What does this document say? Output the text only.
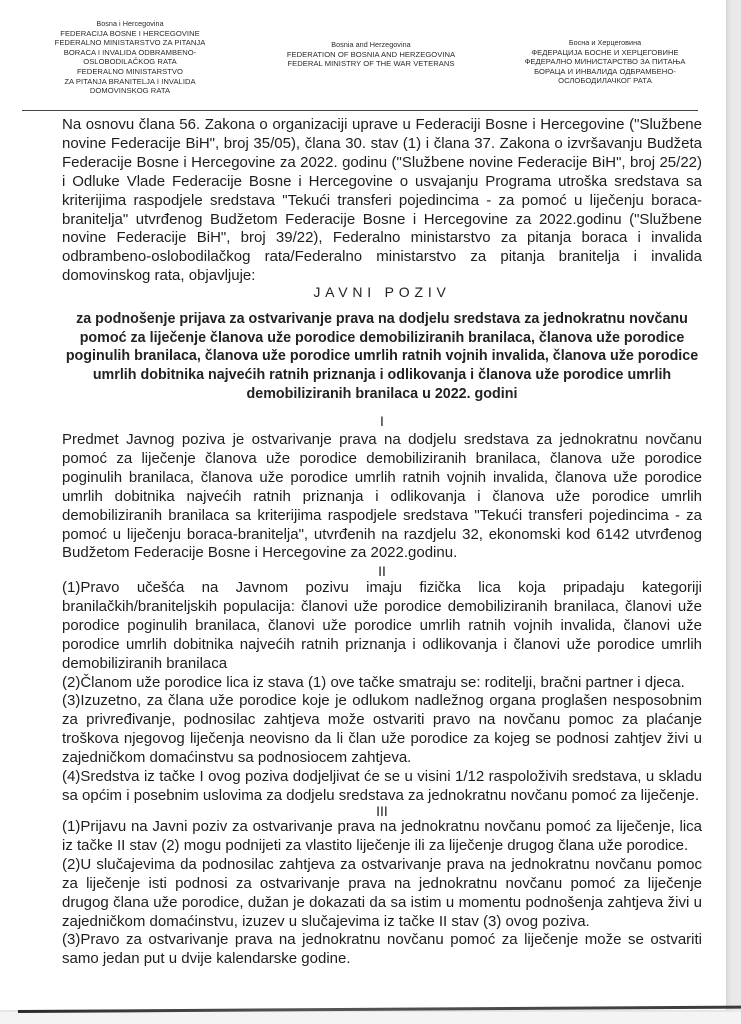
Bosna i Hercegovina
FEDERACIJA BOSNE I HERCEGOVINE
FEDERALNO MINISTARSTVO ZA PITANJA
BORACA I INVALIDA ODBRAMBENO-
OSLOBODILAČKOG RATA
FEDERALNO MINISTARSTVO
ZA PITANJA BRANITELJA I INVALIDA
DOMOVINSKOG RATA
Bosnia and Herzegovina
FEDERATION OF BOSNIA AND HERZEGOVINA
FEDERAL MINISTRY OF THE WAR VETERANS
Босна и Херцеговина
ФЕДЕРАЦИЈА БОСНЕ И ХЕРЦЕГОВИНЕ
ФЕДЕРАЛНО МИНИСТАРСТВО ЗА ПИТАЊА
БОРАЦА И ИНВАЛИДА ОДБРАМБЕНО-
ОСЛОБОДИЛАЧКОГ РАТА

Na osnovu člana 56. Zakona o organizaciji uprave u Federaciji Bosne i Hercegovine ("Službene novine Federacije BiH", broj 35/05), člana 30. stav (1) i člana 37. Zakona o izvršavanju Budžeta Federacije Bosne i Hercegovine za 2022. godinu ("Službene novine Federacije BiH", broj 25/22) i Odluke Vlade Federacije Bosne i Hercegovine o usvajanju Programa utroška sredstava sa kriterijima raspodjele sredstava "Tekući transferi pojedincima - za pomoć u liječenju boraca-branitelja" utvrđenog Budžetom Federacije Bosne i Hercegovine za 2022.godinu ("Službene novine Federacije BiH", broj 39/22), Federalno ministarstvo za pitanja boraca i invalida odbrambeno-oslobodilačkog rata/Federalno ministarstvo za pitanja branitelja i invalida domovinskog rata, objavljuje:

JAVNI POZIV
za podnošenje prijava za ostvarivanje prava na dodjelu sredstava za jednokratnu novčanu pomoć za liječenje članova uže porodice demobiliziranih branilaca, članova uže porodice poginulih branilaca, članova uže porodice umrlih ratnih vojnih invalida, članova uže porodice umrlih dobitnika najvećih ratnih priznanja i odlikovanja i članova uže porodice umrlih demobiliziranih branilaca u 2022. godini
I

Predmet Javnog poziva je ostvarivanje prava na dodjelu sredstava za jednokratnu novčanu pomoć za liječenje članova uže porodice demobiliziranih branilaca, članova uže porodice poginulih branilaca, članova uže porodice umrlih ratnih vojnih invalida, članova uže porodice umrlih dobitnika najvećih ratnih priznanja i odlikovanja i članova uže porodice umrlih demobiliziranih branilaca sa kriterijima raspodjele sredstava "Tekući transferi pojedincima - za pomoć u liječenju boraca-branitelja", utvrđenih na razdjelu 32, ekonomski kod 6142 utvrđenog Budžetom Federacije Bosne i Hercegovine za 2022.godinu.

II

(1)Pravo učešća na Javnom pozivu imaju fizička lica koja pripadaju kategoriji branilačkih/braniteljskih populacija: članovi uže porodice demobiliziranih branilaca, članovi uže porodice poginulih branilaca, članovi uže porodice umrlih ratnih vojnih invalida, članovi uže porodice umrlih dobitnika najvećih ratnih priznanja i odlikovanja i članovi uže porodice umrlih demobiliziranih branilaca

(2)Članom uže porodice lica iz stava (1) ove tačke smatraju se: roditelji, bračni partner i djeca.

(3)Izuzetno, za člana uže porodice koje je odlukom nadležnog organa proglašen nesposobnim za privređivanje, podnosilac zahtjeva može ostvariti pravo na novčanu pomoc za plaćanje troškova njegovog liječenja neovisno da li član uže porodice za kojeg se podnosi zahtjev živi u zajedničkom domaćinstvu sa podnosiocem zahtjeva.

(4)Sredstva iz tačke I ovog poziva dodjeljivat će se u visini 1/12 raspoloživih sredstava, u skladu sa općim i posebnim uslovima za dodjelu sredstava za jednokratnu novčanu pomoć za liječenje.

III

(1)Prijavu na Javni poziv za ostvarivanje prava na jednokratnu novčanu pomoć za liječenje, lica iz tačke II stav (2) mogu podnijeti za vlastito liječenje ili za liječenje drugog člana uže porodice.

(2)U slučajevima da podnosilac zahtjeva za ostvarivanje prava na jednokratnu novčanu pomoc za liječenje isti podnosi za ostvarivanje prava na jednokratnu novčanu pomoć za liječenje drugog člana uže porodice, dužan je dokazati da sa istim u momentu podnošenja zahtjeva živi u zajedničkom domaćinstvu, izuzev u slučajevima iz tačke II stav (3) ovog poziva.

(3)Pravo za ostvarivanje prava na jednokratnu novčanu pomoć za liječenje može se ostvariti samo jedan put u dvije kalendarske godine.
